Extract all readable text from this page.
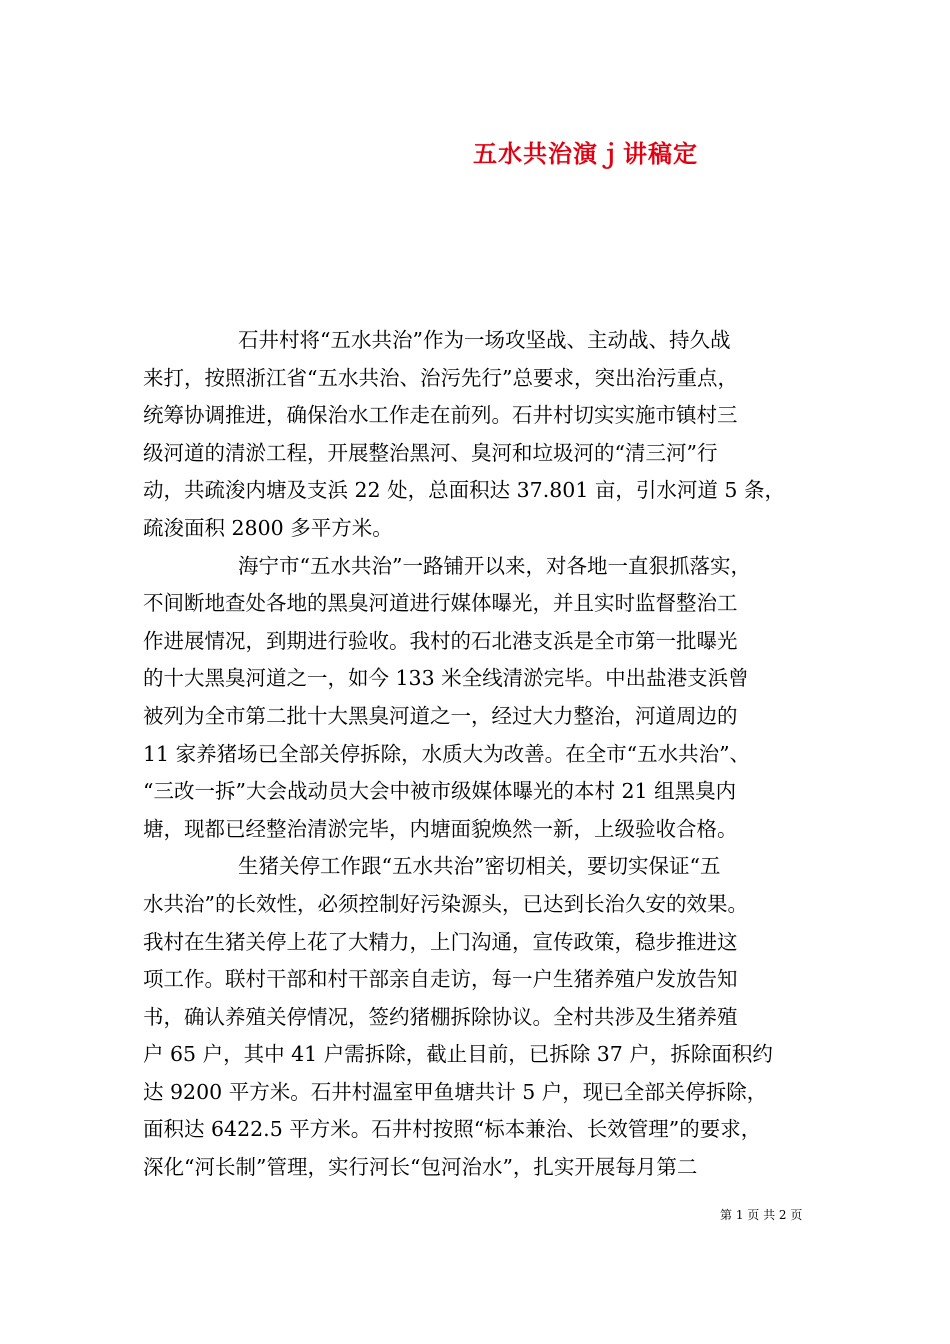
五水共治演ｊ讲稿定

石井村将“五水共治”作为一场攻坚战、主动战、持久战
来打，按照浙江省“五水共治、治污先行”总要求，突出治污重点，
统筹协调推进，确保治水工作走在前列。石井村切实实施市镇村三
级河道的清淤工程，开展整治黑河、臭河和垃圾河的“清三河”行
动，共疏浚内塘及支浜 22 处，总面积达 37.801 亩，引水河道 5 条，
疏浚面积 2800 多平方米。

海宁市“五水共治”一路铺开以来，对各地一直狠抓落实，
不间断地查处各地的黑臭河道进行媒体曝光，并且实时监督整治工
作进展情况，到期进行验收。我村的石北港支浜是全市第一批曝光
的十大黑臭河道之一，如今 133 米全线清淤完毕。中出盐港支浜曾
被列为全市第二批十大黑臭河道之一，经过大力整治，河道周边的
11 家养猪场已全部关停拆除，水质大为改善。在全市“五水共治”、
“三改一拆”大会战动员大会中被市级媒体曝光的本村 21 组黑臭内
塘，现都已经整治清淤完毕，内塘面貌焕然一新，上级验收合格。

生猪关停工作跟“五水共治”密切相关，要切实保证“五
水共治”的长效性，必须控制好污染源头，已达到长治久安的效果。
我村在生猪关停上花了大精力，上门沟通，宣传政策，稳步推进这
项工作。联村干部和村干部亲自走访，每一户生猪养殖户发放告知
书，确认养殖关停情况，签约猪棚拆除协议。全村共涉及生猪养殖
户 65 户，其中 41 户需拆除，截止目前，已拆除 37 户，拆除面积约
达 9200 平方米。石井村温室甲鱼塘共计 5 户，现已全部关停拆除，
面积达 6422.5 平方米。石井村按照“标本兼治、长效管理”的要求，
深化“河长制”管理，实行河长“包河治水”，扎实开展每月第二

第 1 页 共 2 页
